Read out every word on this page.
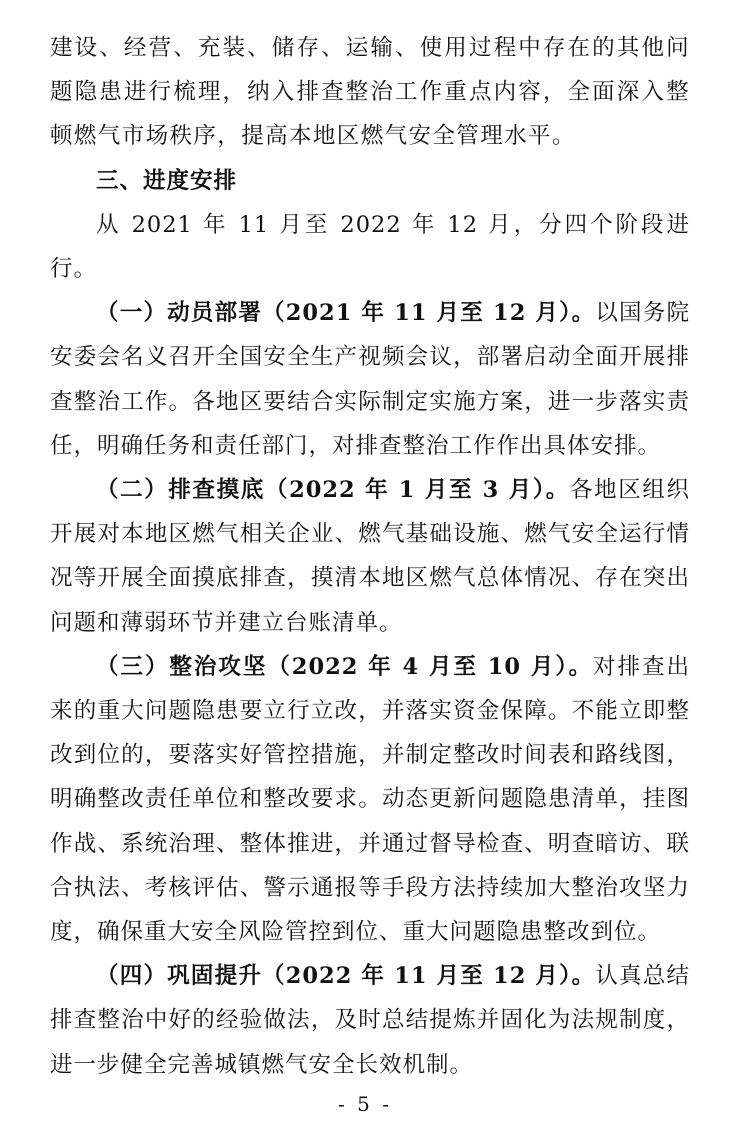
建设、经营、充装、储存、运输、使用过程中存在的其他问题隐患进行梳理，纳入排查整治工作重点内容，全面深入整顿燃气市场秩序，提高本地区燃气安全管理水平。

三、进度安排

从 2021 年 11 月至 2022 年 12 月，分四个阶段进行。

（一）动员部署（2021 年 11 月至 12 月）。以国务院安委会名义召开全国安全生产视频会议，部署启动全面开展排查整治工作。各地区要结合实际制定实施方案，进一步落实责任，明确任务和责任部门，对排查整治工作作出具体安排。

（二）排查摸底（2022 年 1 月至 3 月）。各地区组织开展对本地区燃气相关企业、燃气基础设施、燃气安全运行情况等开展全面摸底排查，摸清本地区燃气总体情况、存在突出问题和薄弱环节并建立台账清单。

（三）整治攻坚（2022 年 4 月至 10 月）。对排查出来的重大问题隐患要立行立改，并落实资金保障。不能立即整改到位的，要落实好管控措施，并制定整改时间表和路线图，明确整改责任单位和整改要求。动态更新问题隐患清单，挂图作战、系统治理、整体推进，并通过督导检查、明查暗访、联合执法、考核评估、警示通报等手段方法持续加大整治攻坚力度，确保重大安全风险管控到位、重大问题隐患整改到位。

（四）巩固提升（2022 年 11 月至 12 月）。认真总结排查整治中好的经验做法，及时总结提炼并固化为法规制度，进一步健全完善城镇燃气安全长效机制。

- 5 -
